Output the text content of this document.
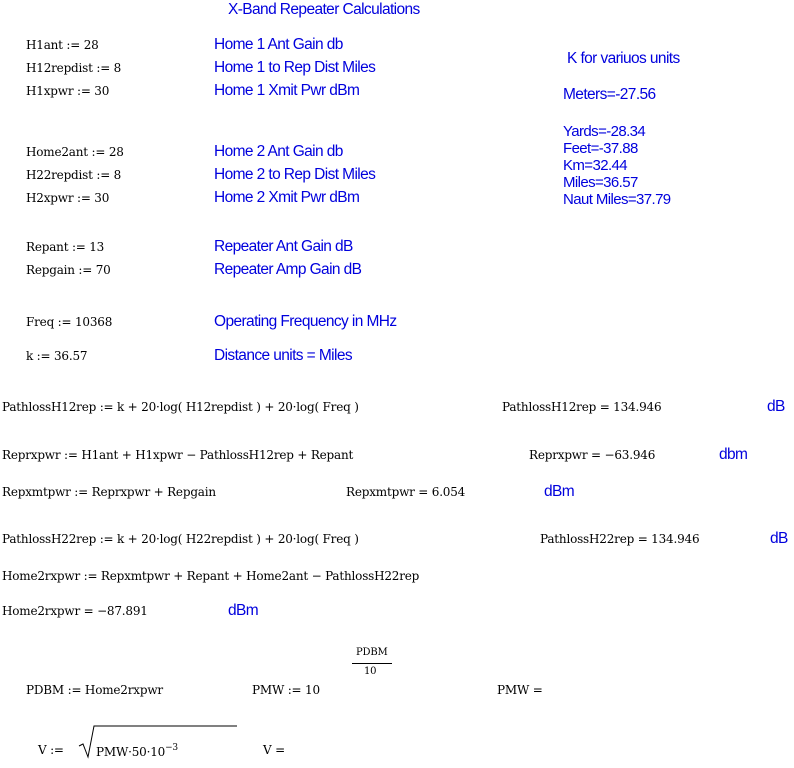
X-Band Repeater Calculations
H1ant := 28	Home 1 Ant Gain db
H12repdist := 8	Home 1 to Rep Dist Miles
H1xpwr := 30	Home 1 Xmit Pwr dBm
Home2ant := 28	Home 2 Ant Gain db
H22repdist := 8	Home 2 to Rep Dist Miles
H2xpwr := 30	Home 2 Xmit Pwr dBm
Repant := 13	Repeater Ant Gain dB
Repgain := 70	Repeater Amp Gain dB
Freq := 10368	Operating Frequency in MHz
k := 36.57	Distance units = Miles
K for variuos units
Meters=-27.56
Yards=-28.34
Feet=-37.88
Km=32.44
Miles=36.57
Naut Miles=37.79
PathlossH12rep := k + 20·log( H12repdist ) + 20·log( Freq )	PathlossH12rep = 134.946	dB
Reprxpwr := H1ant + H1xpwr − PathlossH12rep + Repant	Reprxpwr = −63.946	dbm
Repxmtpwr := Reprxpwr + Repgain	Repxmtpwr = 6.054	dBm
PathlossH22rep := k + 20·log( H22repdist ) + 20·log( Freq )	PathlossH22rep = 134.946	dB
Home2rxpwr := Repxmtpwr + Repant + Home2ant − PathlossH22rep
Home2rxpwr = −87.891	dBm
PDBM := Home2rxpwr	PMW := 10
PDBM
10
PMW =
V :=	$PMW\cdot 50\cdot 10^{-3}$	V =
